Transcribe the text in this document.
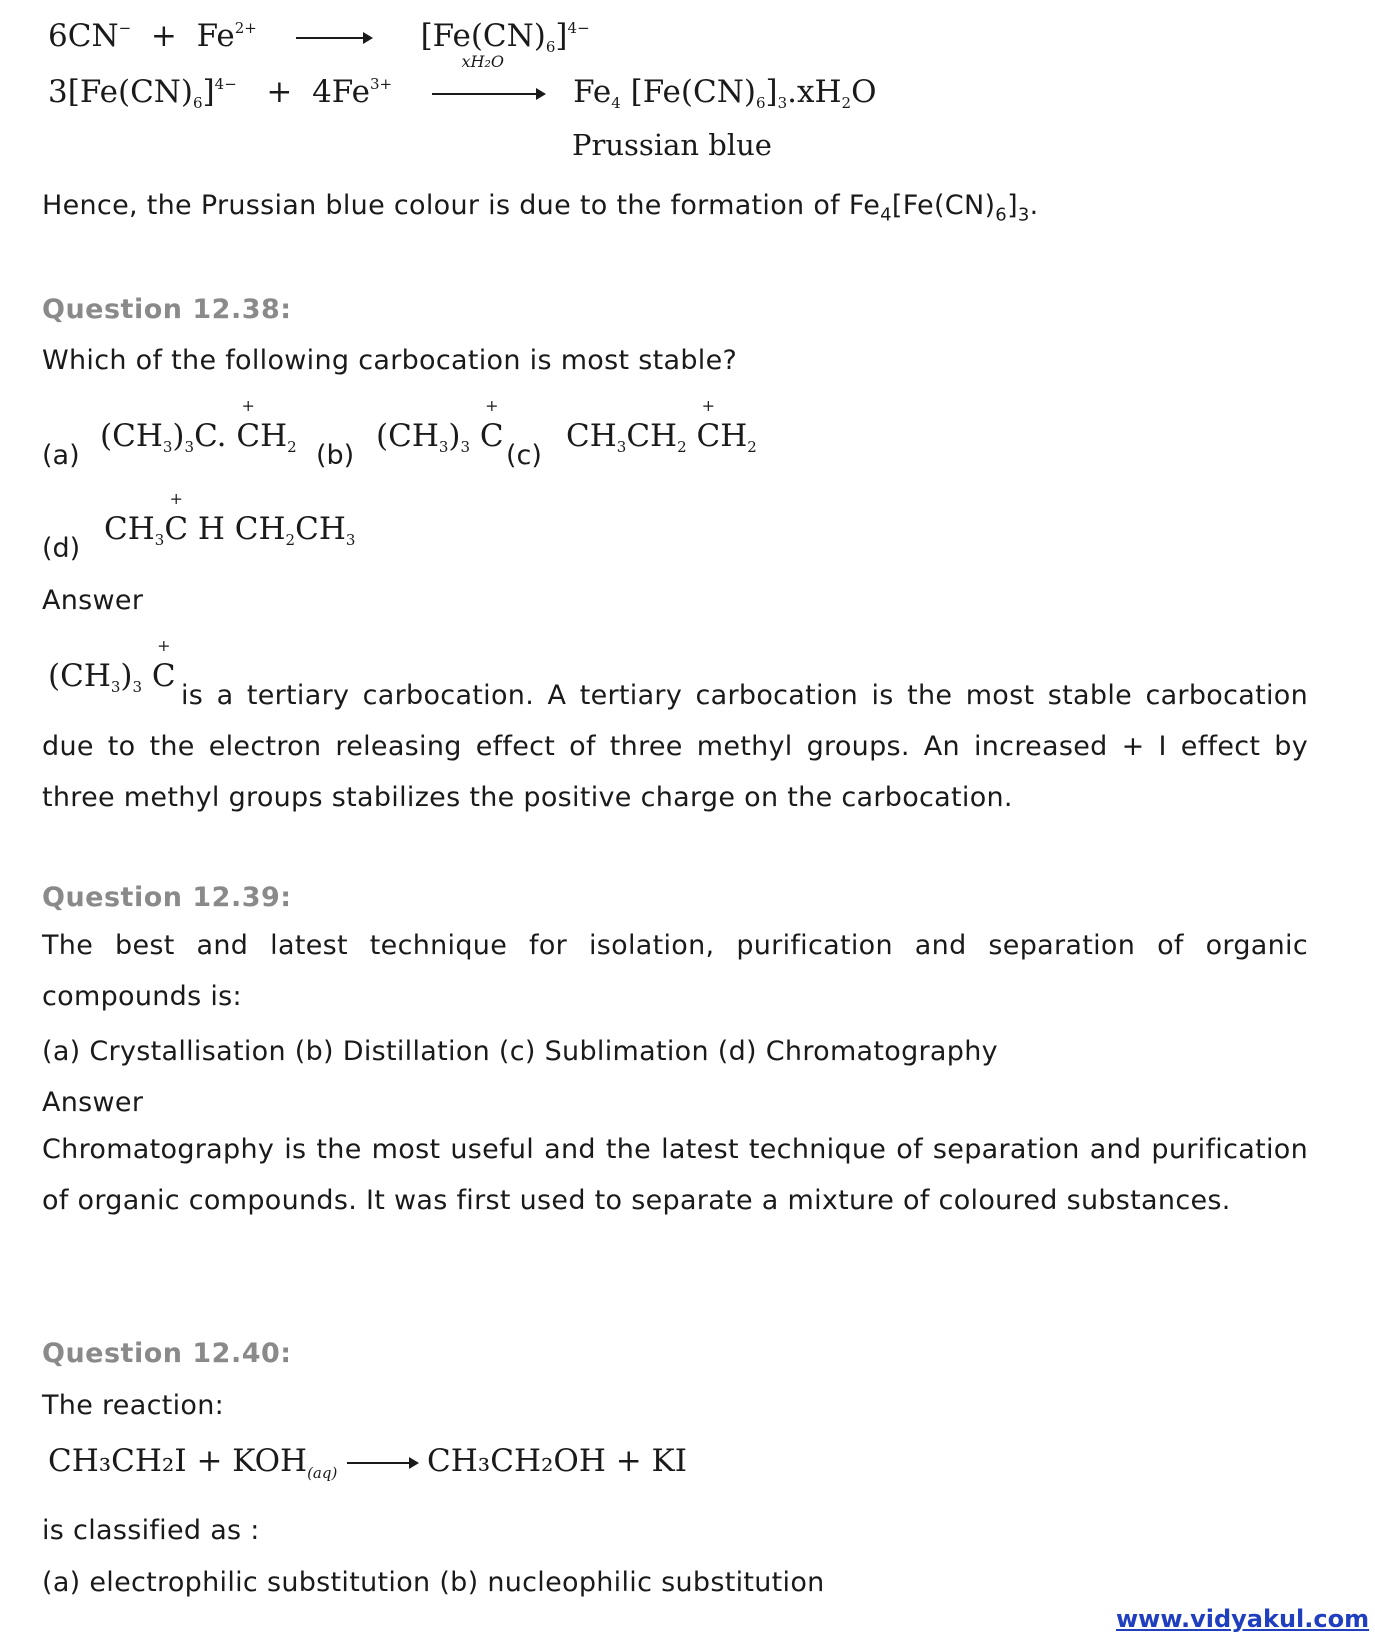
$6CN^- + Fe^{2+}$	$[Fe(CN)_6]^{4-}$
$3[Fe(CN)_6]^{4-} + 4Fe^{3+}$
xH₂O
$Fe_4$ $[Fe(CN)_6]_3.xH_2O$
Prussian blue
Hence, the Prussian blue colour is due to the formation of $Fe_4[Fe(CN)_6]_3$.
Question 12.38:
Which of the following carbocation is most stable?
(a)
$(CH_3)_3C$. + $CH_2$ (b)
$(CH_3)_3 + C$
(c)
$CH_3CH_2 + CH_2$
(d)
$CH_3+ C$ H $CH_2CH_3$
Answer
$(CH_3)_3 + C$
is a tertiary carbocation. A tertiary carbocation is the most stable carbocation due to the electron releasing effect of three methyl groups. An increased + I effect by three methyl groups stabilizes the positive charge on the carbocation.
Question 12.39:
The best and latest technique for isolation, purification and separation of organic compounds is:
(a) Crystallisation (b) Distillation (c) Sublimation (d) Chromatography
Answer
Chromatography is the most useful and the latest technique of separation and purification of organic compounds. It was first used to separate a mixture of coloured substances.
Question 12.40:
The reaction:
$CH_3CH_2I + KOH_{(aq)} \to CH_3CH_2OH$ + KI
is classified as :
(a) electrophilic substitution (b) nucleophilic substitution
www.vidyakul.com
